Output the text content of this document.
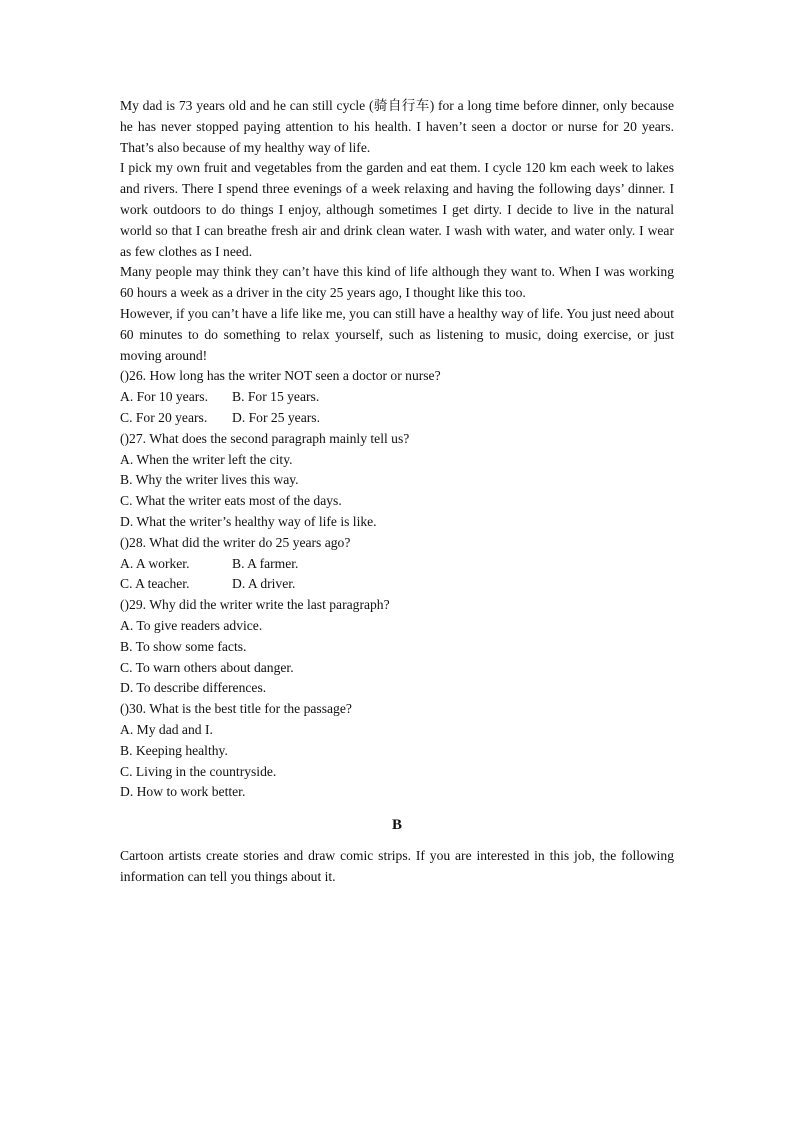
My dad is 73 years old and he can still cycle (骑自行车) for a long time before dinner, only because he has never stopped paying attention to his health. I haven’t seen a doctor or nurse for 20 years. That’s also because of my healthy way of life.

I pick my own fruit and vegetables from the garden and eat them. I cycle 120 km each week to lakes and rivers. There I spend three evenings of a week relaxing and having the following days’ dinner. I work outdoors to do things I enjoy, although sometimes I get dirty. I decide to live in the natural world so that I can breathe fresh air and drink clean water. I wash with water, and water only. I wear as few clothes as I need.

Many people may think they can’t have this kind of life although they want to. When I was working 60 hours a week as a driver in the city 25 years ago, I thought like this too.

However, if you can’t have a life like me, you can still have a healthy way of life. You just need about 60 minutes to do something to relax yourself, such as listening to music, doing exercise, or just moving around!

()26. How long has the writer NOT seen a doctor or nurse?

A. For 10 years. B. For 15 years.

C. For 20 years. D. For 25 years.

()27. What does the second paragraph mainly tell us?

A. When the writer left the city.

B. Why the writer lives this way.

C. What the writer eats most of the days.

D. What the writer’s healthy way of life is like.

()28. What did the writer do 25 years ago?

A. A worker.	B. A farmer.

C. A teacher.	D. A driver.

()29. Why did the writer write the last paragraph?

A. To give readers advice.

B. To show some facts.

C. To warn others about danger.

D. To describe differences.

()30. What is the best title for the passage?

A. My dad and I.

B. Keeping healthy.

C. Living in the countryside.

D. How to work better.

B

Cartoon artists create stories and draw comic strips. If you are interested in this job, the following information can tell you things about it.
